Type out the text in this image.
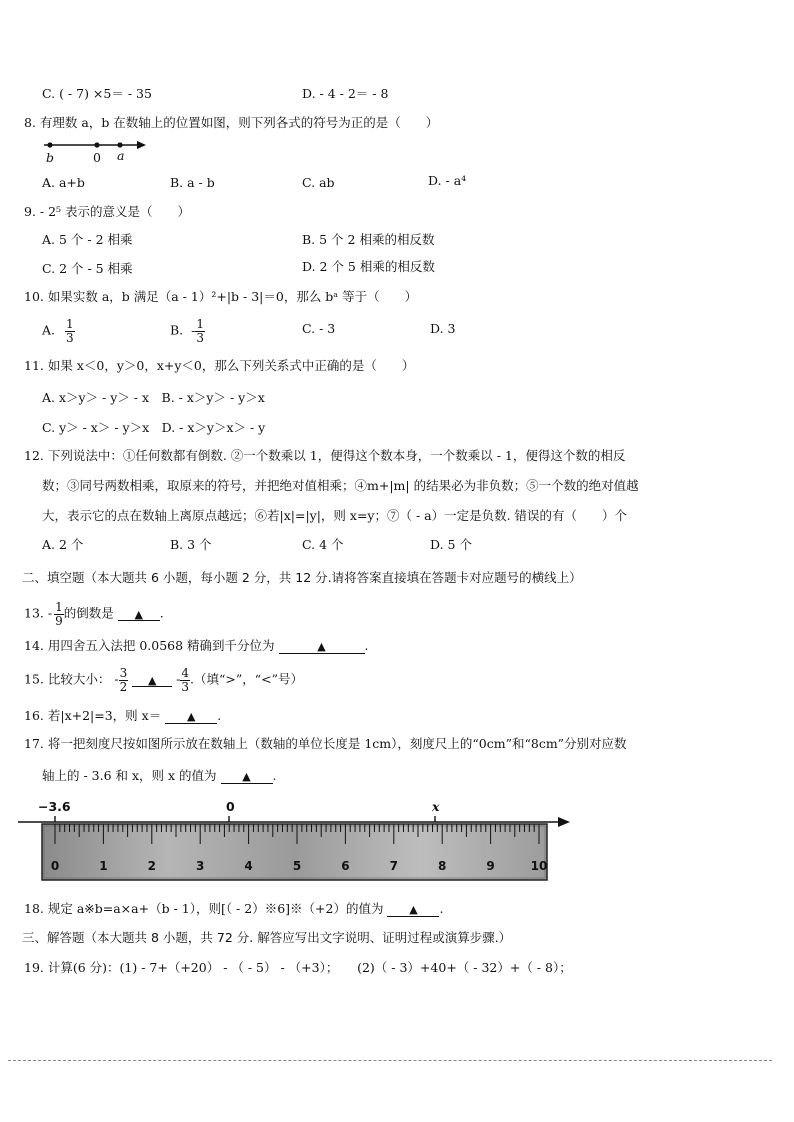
C. ( - 7) ×5＝ - 35	D. - 4 - 2＝ - 8
8. 有理数 a，b 在数轴上的位置如图，则下列各式的符号为正的是（　　）
b	0 a
A. a+b	B. a - b	C. ab	D. - a⁴
9. - 2⁵ 表示的意义是（　　）
A. 5 个 - 2 相乘	B. 5 个 2 相乘的相反数
C. 2 个 - 5 相乘	D. 2 个 5 相乘的相反数
10. 如果实数 a，b 满足（a - 1）²+|b - 3|＝0，那么 bᵃ 等于（　　）
A. $\frac{1}{3}$	B. - $\frac{1}{3}$	C. - 3	D. 3
11. 如果 x＜0，y＞0，x+y＜0，那么下列关系式中正确的是（　　）
A. x＞y＞ - y＞ - x　B. - x＞y＞ - y＞x
C. y＞ - x＞ - y＞x　D. - x＞y＞x＞ - y
12. 下列说法中：①任何数都有倒数. ②一个数乘以 1，便得这个数本身，一个数乘以 - 1，便得这个数的相反
数；③同号两数相乘，取原来的符号，并把绝对值相乘；④m+|m| 的结果必为非负数；⑤一个数的绝对值越
大，表示它的点在数轴上离原点越远；⑥若|x|=|y|，则 x=y；⑦（ - a）一定是负数. 错误的有（　　）个
A. 2 个	B. 3 个	C. 4 个	D. 5 个
二、填空题（本大题共 6 小题，每小题 2 分，共 12 分.请将答案直接填在答题卡对应题号的横线上）
13. - $\frac{1}{9}$ 的倒数是 ▲ .
14. 用四舍五入法把 0.0568 精确到千分位为	▲	.
15. 比较大小： - $\frac{3}{2}$ ▲ - $\frac{4}{3}$ .（填“>”，“<”号）
16. 若|x+2|=3，则 x＝ ▲ .
17. 将一把刻度尺按如图所示放在数轴上（数轴的单位长度是 1cm），刻度尺上的“0cm”和“8cm”分别对应数
轴上的 - 3.6 和 x，则 x 的值为 ▲ .
−3.6	0	x
0	1	2	3	4	5	6	7	8	9	10
18. 规定 a※b=a×a+（b - 1），则[（ - 2）※6]※（+2）的值为 ▲ .
三、解答题（本大题共 8 小题，共 72 分. 解答应写出文字说明、证明过程或演算步骤.）
19. 计算(6 分)：(1) - 7+（+20） - （ - 5） - （+3）；　　(2)（ - 3）+40+（ - 32）+（ - 8）；
